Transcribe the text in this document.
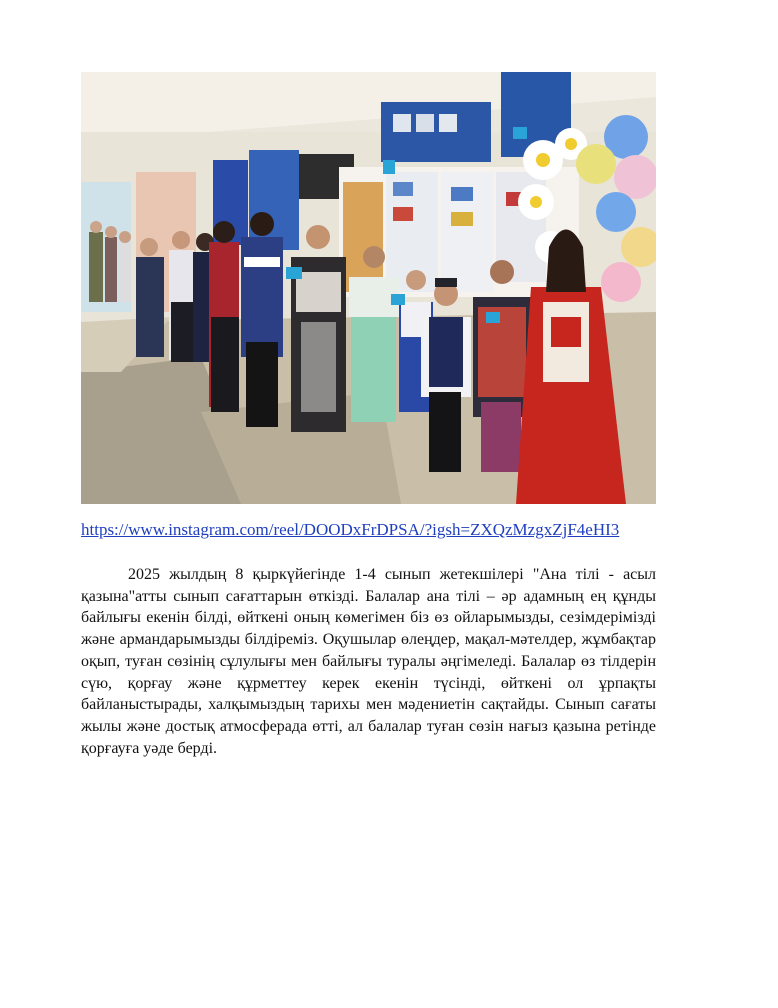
https://www.instagram.com/reel/DOODxFrDPSA/?igsh=ZXQzMzgxZjF4eHI3

2025 жылдың 8 қыркүйегінде 1-4 сынып жетекшілері "Ана тілі - асыл қазына"атты сынып сағаттарын өткізді. Балалар ана тілі – әр адамның ең құнды байлығы екенін білді, өйткені оның көмегімен біз өз ойларымызды, сезімдерімізді және армандарымызды білдіреміз. Оқушылар өлеңдер, мақал-мәтелдер, жұмбақтар оқып, туған сөзінің сұлулығы мен байлығы туралы әңгімеледі. Балалар өз тілдерін сүю, қорғау және құрметтеу керек екенін түсінді, өйткені ол ұрпақты байланыстырады, халқымыздың тарихы мен мәдениетін сақтайды. Сынып сағаты жылы және достық атмосферада өтті, ал балалар туған сөзін нағыз қазына ретінде қорғауға уәде берді.
